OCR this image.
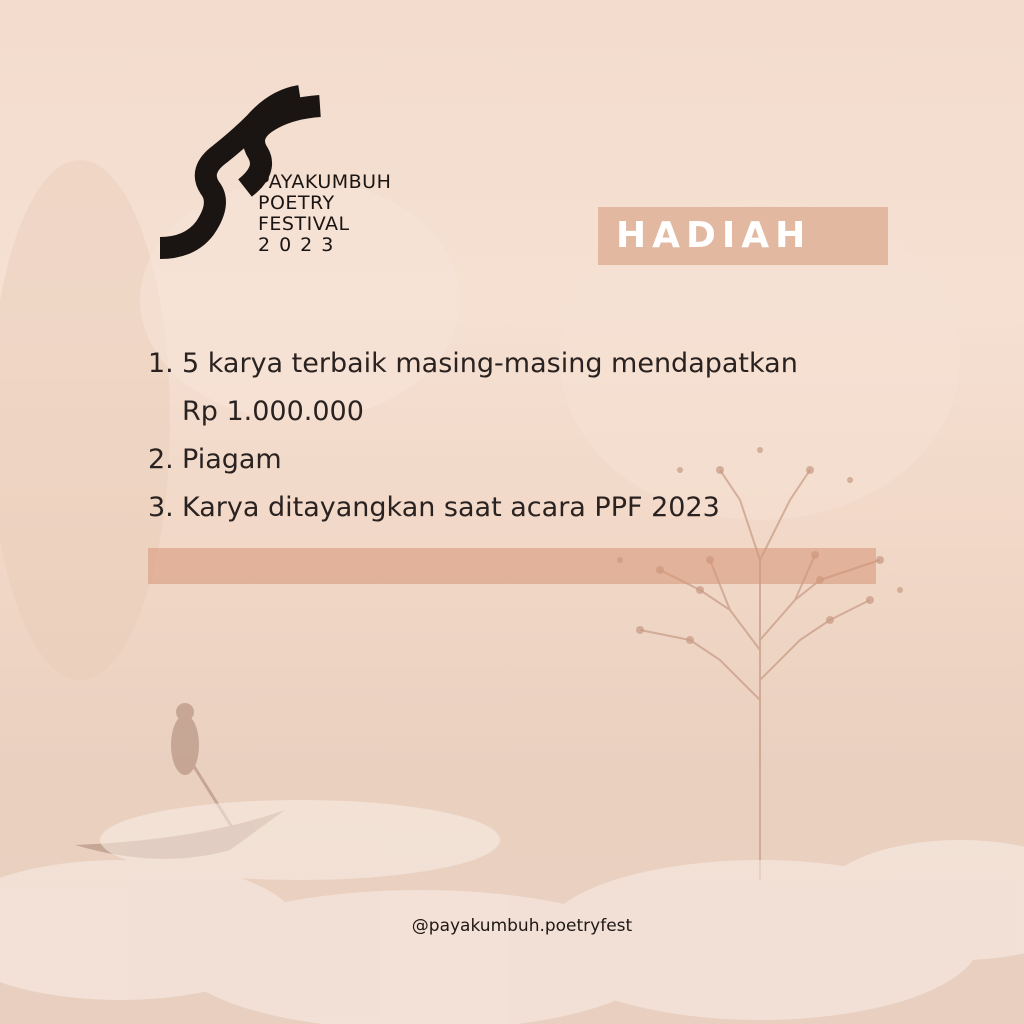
PAYAKUMBUH
POETRY
FESTIVAL
2023	HADIAH
1. 5 karya terbaik masing-masing mendapatkan
Rp 1.000.000
2. Piagam
3. Karya ditayangkan saat acara PPF 2023
@payakumbuh.poetryfest
